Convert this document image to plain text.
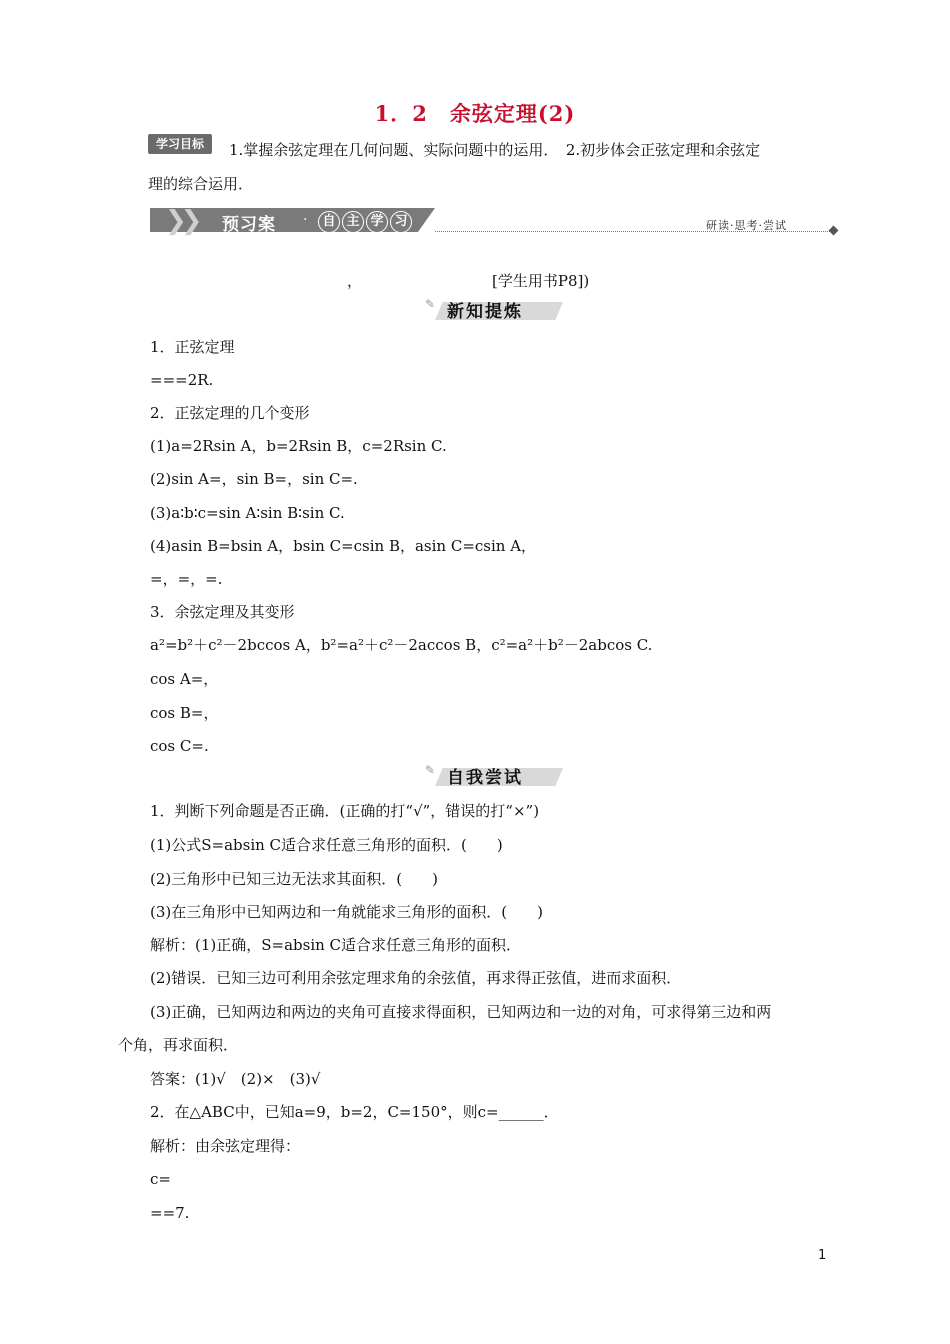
1．2　余弦定理(2)
学习目标	1.掌握余弦定理在几何问题、实际问题中的运用．　2.初步体会正弦定理和余弦定
理的综合运用．
❯❯ 预习案 ·	自 主 学 习	研读·思考·尝试
，	[学生用书P8])
✎ 新知提炼
1．正弦定理
===2R.
2．正弦定理的几个变形
(1)a=2Rsin A，b=2Rsin B，c=2Rsin C.
(2)sin A=，sin B=，sin C=.
(3)a∶b∶c=sin A∶sin B∶sin C.
(4)asin B=bsin A，bsin C=csin B，asin C=csin A，
=，=，=.
3．余弦定理及其变形
a²=b²＋c²－2bccos A，b²=a²＋c²－2accos B，c²=a²＋b²－2abcos C.
cos A=，
cos B=，
cos C=.
✎ 自我尝试
1．判断下列命题是否正确．(正确的打“√”，错误的打“×”)
(1)公式S=absin C适合求任意三角形的面积．(　　)
(2)三角形中已知三边无法求其面积．(　　)
(3)在三角形中已知两边和一角就能求三角形的面积．(　　)
解析：(1)正确，S=absin C适合求任意三角形的面积．
(2)错误．已知三边可利用余弦定理求角的余弦值，再求得正弦值，进而求面积．
(3)正确，已知两边和两边的夹角可直接求得面积，已知两边和一边的对角，可求得第三边和两
个角，再求面积．
答案：(1)√　(2)×　(3)√
2．在△ABC中，已知a=9，b=2，C=150°，则c=______．
解析：由余弦定理得：
c=
==7.
1
